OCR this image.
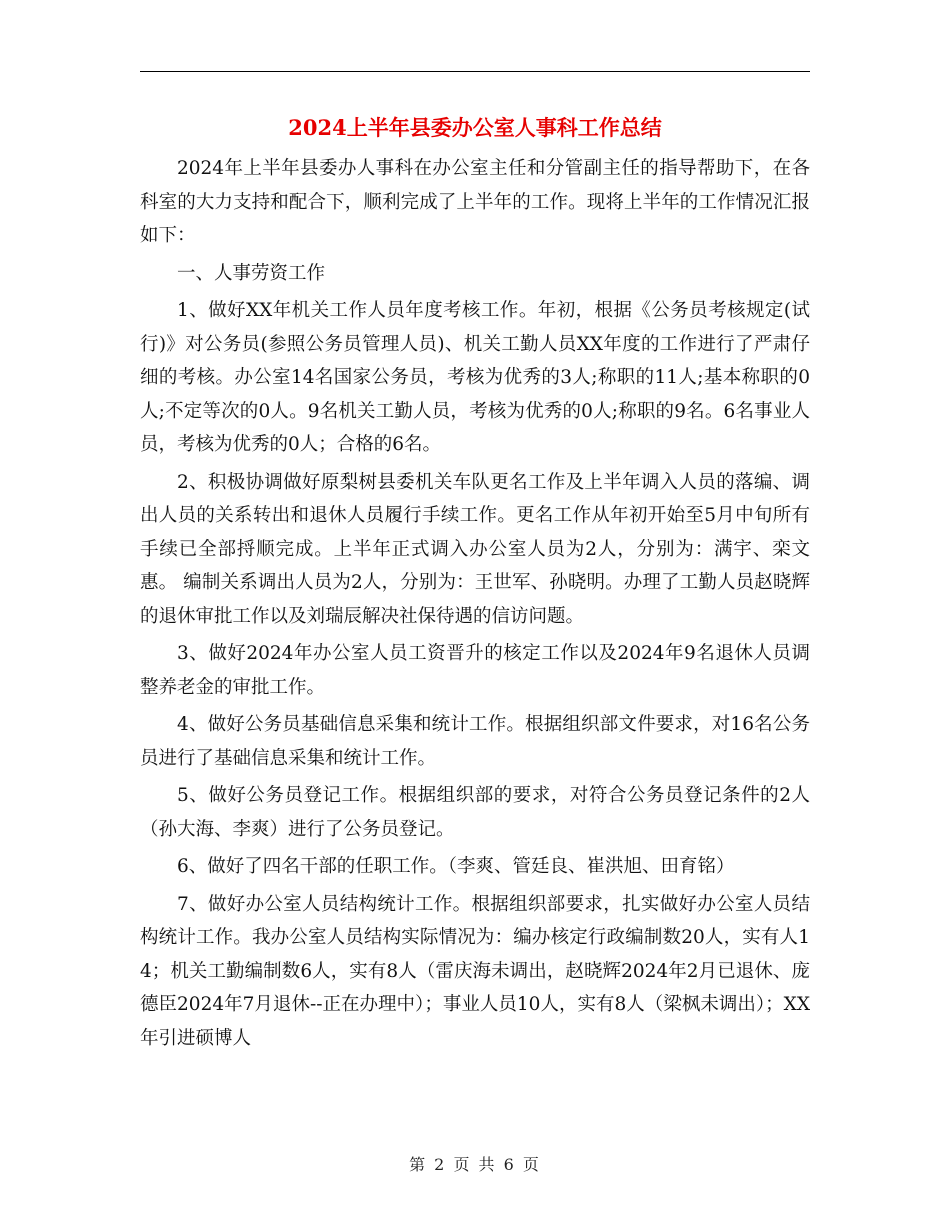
2024上半年县委办公室人事科工作总结

2024年上半年县委办人事科在办公室主任和分管副主任的指导帮助下，在各科室的大力支持和配合下，顺利完成了上半年的工作。现将上半年的工作情况汇报如下：

一、人事劳资工作

1、做好XX年机关工作人员年度考核工作。年初，根据《公务员考核规定(试行)》对公务员(参照公务员管理人员)、机关工勤人员XX年度的工作进行了严肃仔细的考核。办公室14名国家公务员，考核为优秀的3人;称职的11人;基本称职的0人;不定等次的0人。9名机关工勤人员，考核为优秀的0人;称职的9名。6名事业人员，考核为优秀的0人；合格的6名。

2、积极协调做好原梨树县委机关车队更名工作及上半年调入人员的落编、调出人员的关系转出和退休人员履行手续工作。更名工作从年初开始至5月中旬所有手续已全部捋顺完成。上半年正式调入办公室人员为2人，分别为：满宇、栾文惠。 编制关系调出人员为2人，分别为：王世军、孙晓明。办理了工勤人员赵晓辉的退休审批工作以及刘瑞辰解决社保待遇的信访问题。

3、做好2024年办公室人员工资晋升的核定工作以及2024年9名退休人员调整养老金的审批工作。

4、做好公务员基础信息采集和统计工作。根据组织部文件要求，对16名公务员进行了基础信息采集和统计工作。

5、做好公务员登记工作。根据组织部的要求，对符合公务员登记条件的2人（孙大海、李爽）进行了公务员登记。

6、做好了四名干部的任职工作。（李爽、管廷良、崔洪旭、田育铭）

7、做好办公室人员结构统计工作。根据组织部要求，扎实做好办公室人员结构统计工作。我办公室人员结构实际情况为：编办核定行政编制数20人，实有人14；机关工勤编制数6人，实有8人（雷庆海未调出，赵晓辉2024年2月已退休、庞德臣2024年7月退休--正在办理中）；事业人员10人，实有8人（梁枫未调出）；XX年引进硕博人

第 2 页 共 6 页
